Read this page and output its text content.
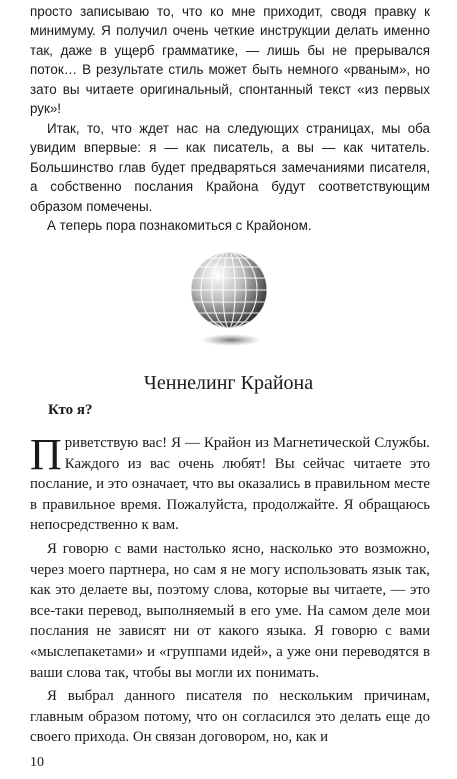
просто записываю то, что ко мне приходит, сводя правку к минимуму. Я получил очень четкие инструкции делать именно так, даже в ущерб грамматике, — лишь бы не прерывался поток… В результате стиль может быть немного «рваным», но зато вы читаете оригинальный, спонтанный текст «из первых рук»!

Итак, то, что ждет нас на следующих страницах, мы оба увидим впервые: я — как писатель, а вы — как читатель. Большинство глав будет предваряться замечаниями писателя, а собственно послания Крайона будут соответствующим образом помечены.

А теперь пора познакомиться с Крайоном.

Ченнелинг Крайона
Кто я?

Приветствую вас! Я — Крайон из Магнетической Службы. Каждого из вас очень любят! Вы сейчас читаете это послание, и это означает, что вы оказались в правильном месте в правильное время. Пожалуйста, продолжайте. Я обращаюсь непосредственно к вам.

Я говорю с вами настолько ясно, насколько это возможно, через моего партнера, но сам я не могу использовать язык так, как это делаете вы, поэтому слова, которые вы читаете, — это все-таки перевод, выполняемый в его уме. На самом деле мои послания не зависят ни от какого языка. Я говорю с вами «мыслепакетами» и «группами идей», а уже они переводятся в ваши слова так, чтобы вы могли их понимать.

Я выбрал данного писателя по нескольким причинам, главным образом потому, что он согласился это делать еще до своего прихода. Он связан договором, но, как и

10
